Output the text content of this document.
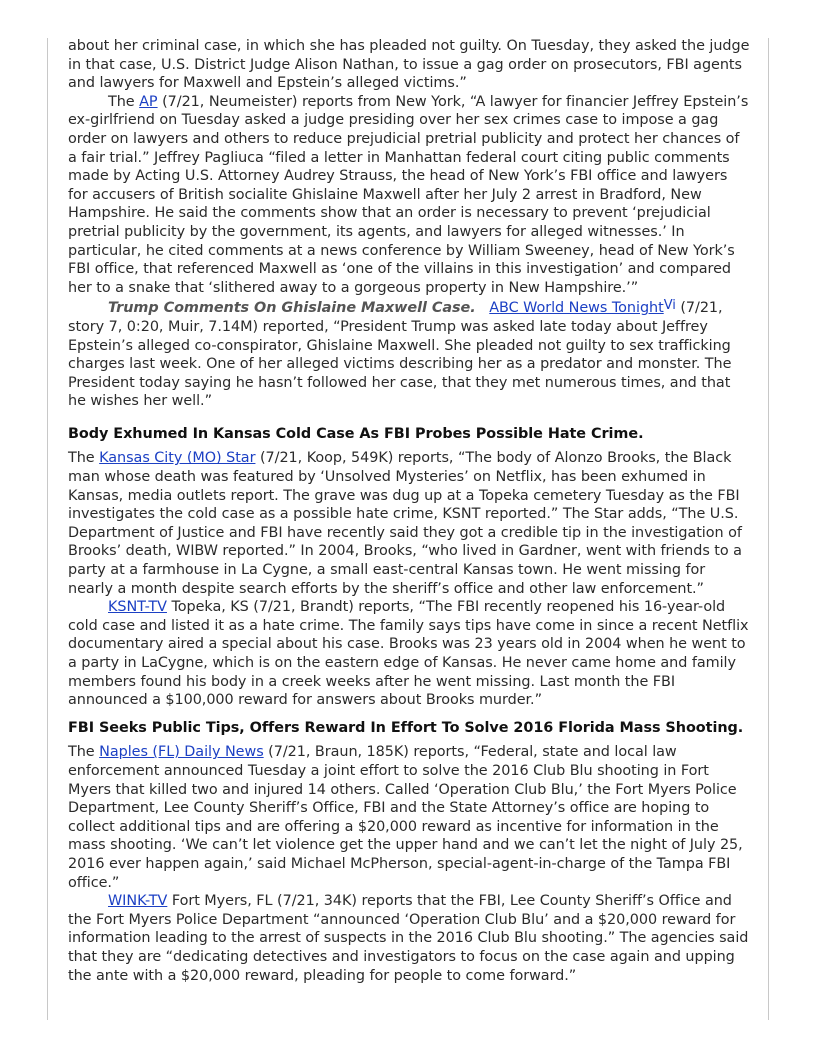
about her criminal case, in which she has pleaded not guilty. On Tuesday, they asked the judge in that case, U.S. District Judge Alison Nathan, to issue a gag order on prosecutors, FBI agents and lawyers for Maxwell and Epstein’s alleged victims.”

The AP (7/21, Neumeister) reports from New York, “A lawyer for financier Jeffrey Epstein’s ex-girlfriend on Tuesday asked a judge presiding over her sex crimes case to impose a gag order on lawyers and others to reduce prejudicial pretrial publicity and protect her chances of a fair trial.” Jeffrey Pagliuca “filed a letter in Manhattan federal court citing public comments made by Acting U.S. Attorney Audrey Strauss, the head of New York’s FBI office and lawyers for accusers of British socialite Ghislaine Maxwell after her July 2 arrest in Bradford, New Hampshire. He said the comments show that an order is necessary to prevent ‘prejudicial pretrial publicity by the government, its agents, and lawyers for alleged witnesses.’ In particular, he cited comments at a news conference by William Sweeney, head of New York’s FBI office, that referenced Maxwell as ‘one of the villains in this investigation’ and compared her to a snake that ‘slithered away to a gorgeous property in New Hampshire.’”

Trump Comments On Ghislaine Maxwell Case. ABC World News TonightVi (7/21, story 7, 0:20, Muir, 7.14M) reported, “President Trump was asked late today about Jeffrey Epstein’s alleged co-conspirator, Ghislaine Maxwell. She pleaded not guilty to sex trafficking charges last week. One of her alleged victims describing her as a predator and monster. The President today saying he hasn’t followed her case, that they met numerous times, and that he wishes her well.”

Body Exhumed In Kansas Cold Case As FBI Probes Possible Hate Crime.

The Kansas City (MO) Star (7/21, Koop, 549K) reports, “The body of Alonzo Brooks, the Black man whose death was featured by ‘Unsolved Mysteries’ on Netflix, has been exhumed in Kansas, media outlets report. The grave was dug up at a Topeka cemetery Tuesday as the FBI investigates the cold case as a possible hate crime, KSNT reported.” The Star adds, “The U.S. Department of Justice and FBI have recently said they got a credible tip in the investigation of Brooks’ death, WIBW reported.” In 2004, Brooks, “who lived in Gardner, went with friends to a party at a farmhouse in La Cygne, a small east-central Kansas town. He went missing for nearly a month despite search efforts by the sheriff’s office and other law enforcement.”

KSNT-TV Topeka, KS (7/21, Brandt) reports, “The FBI recently reopened his 16-year-old cold case and listed it as a hate crime. The family says tips have come in since a recent Netflix documentary aired a special about his case. Brooks was 23 years old in 2004 when he went to a party in LaCygne, which is on the eastern edge of Kansas. He never came home and family members found his body in a creek weeks after he went missing. Last month the FBI announced a $100,000 reward for answers about Brooks murder.”

FBI Seeks Public Tips, Offers Reward In Effort To Solve 2016 Florida Mass Shooting.

The Naples (FL) Daily News (7/21, Braun, 185K) reports, “Federal, state and local law enforcement announced Tuesday a joint effort to solve the 2016 Club Blu shooting in Fort Myers that killed two and injured 14 others. Called ‘Operation Club Blu,’ the Fort Myers Police Department, Lee County Sheriff’s Office, FBI and the State Attorney’s office are hoping to collect additional tips and are offering a $20,000 reward as incentive for information in the mass shooting. ‘We can’t let violence get the upper hand and we can’t let the night of July 25, 2016 ever happen again,’ said Michael McPherson, special-agent-in-charge of the Tampa FBI office.”

WINK-TV Fort Myers, FL (7/21, 34K) reports that the FBI, Lee County Sheriff’s Office and the Fort Myers Police Department “announced ‘Operation Club Blu’ and a $20,000 reward for information leading to the arrest of suspects in the 2016 Club Blu shooting.” The agencies said that they are “dedicating detectives and investigators to focus on the case again and upping the ante with a $20,000 reward, pleading for people to come forward.”
